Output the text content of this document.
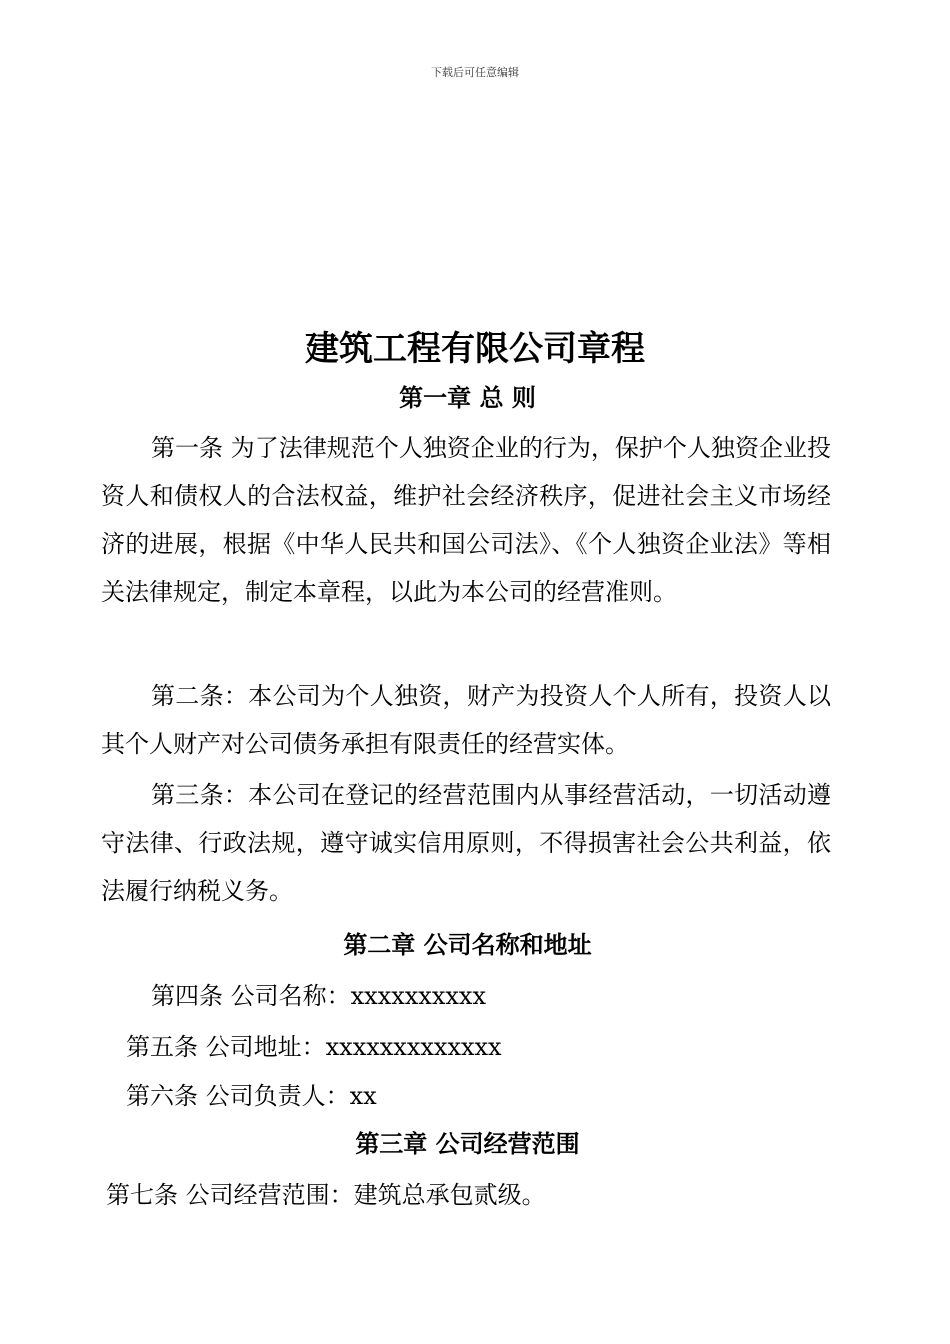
下载后可任意编辑
建筑工程有限公司章程
第一章 总 则
第一条 为了法律规范个人独资企业的行为，保护个人独资企业投资人和债权人的合法权益，维护社会经济秩序，促进社会主义市场经济的进展，根据《中华人民共和国公司法》、《个人独资企业法》等相关法律规定，制定本章程，以此为本公司的经营准则。
第二条：本公司为个人独资，财产为投资人个人所有，投资人以其个人财产对公司债务承担有限责任的经营实体。
第三条：本公司在登记的经营范围内从事经营活动，一切活动遵守法律、行政法规，遵守诚实信用原则，不得损害社会公共利益，依法履行纳税义务。
第二章 公司名称和地址
第四条 公司名称：xxxxxxxxxx
第五条 公司地址：xxxxxxxxxxxxx
第六条 公司负责人：xx
第三章 公司经营范围
第七条 公司经营范围：建筑总承包贰级。
